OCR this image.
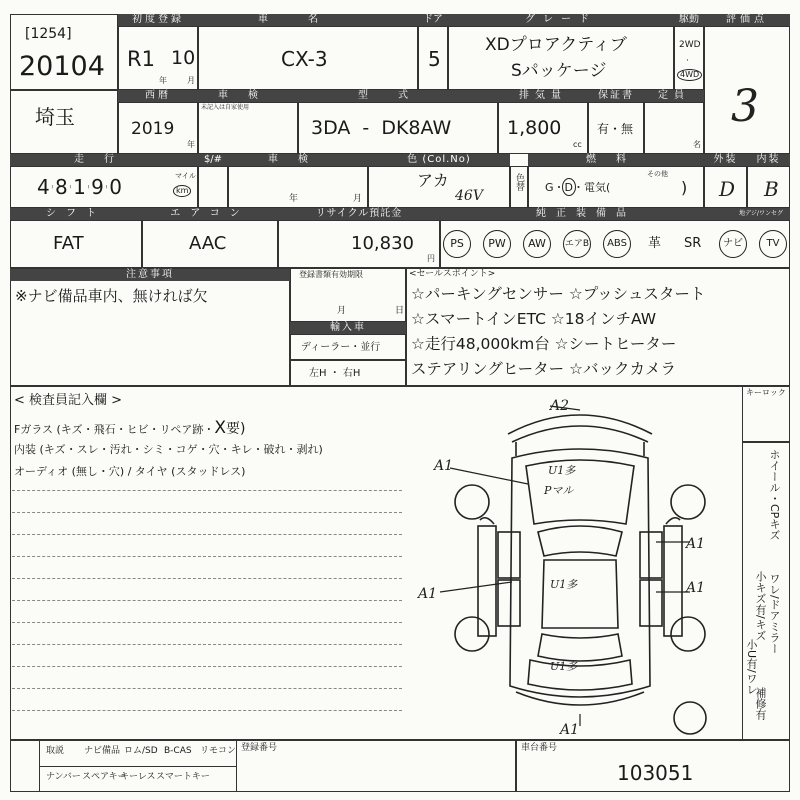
[1254]
20104
初度登録
R1 10
年	月
車名
CX-3
ドア
5
グレード
XDプロアクティブ
Sパッケージ
駆動
2WD
·
4WD
評価点
3
埼玉
西暦
2019
年
車検
未記入は自家使用
型式
3DA - DK8AW
排気量
1,800
cc
保証書
有・無
定員
名
走行
4'8'1'9'0	マイル
km
$/#	車検
年	月
色 (Col.No)
アカ
46V
色替
燃料
G・D・電気(
その他
)
外装
D
内装
B
シフト
FAT
エアコン
AAC
リサイクル預託金
10,830
円
純正装備品	地デジ/ワンセグ
PS	PW	AW	エアB	ABS	革 SR	ナビ	TV
注意事項
※ナビ備品車内、無ければ欠
登録書類有効期限
月	日
輸入車
ディーラー・並行
左H ・ 右H
<セールスポイント>
☆パーキングセンサー ☆プッシュスタート
☆スマートインETC ☆18インチAW
☆走行48,000km台 ☆シートヒーター
ステアリングヒーター ☆バックカメラ
< 検査員記入欄 >
Fガラス (キズ・飛石・ヒビ・リペア跡・X要)
内装 (キズ・スレ・汚れ・シミ・コゲ・穴・キレ・破れ・剥れ)
オーディオ (無し・穴) / タイヤ (スタッドレス)
キーロック
ホイール・CPキズ
ワレ/ドアミラー
小キズ有/キズ
小U有/ワレ
補修有
A2
A1
A1
A1
A1
A1
U1多
Pマル
U1多
U1多
取説 ナビ備品 ロム/SD B-CAS リモコン
ナンバー スペアキー
キーレス スマートキー
登録番号	車台番号
103051
